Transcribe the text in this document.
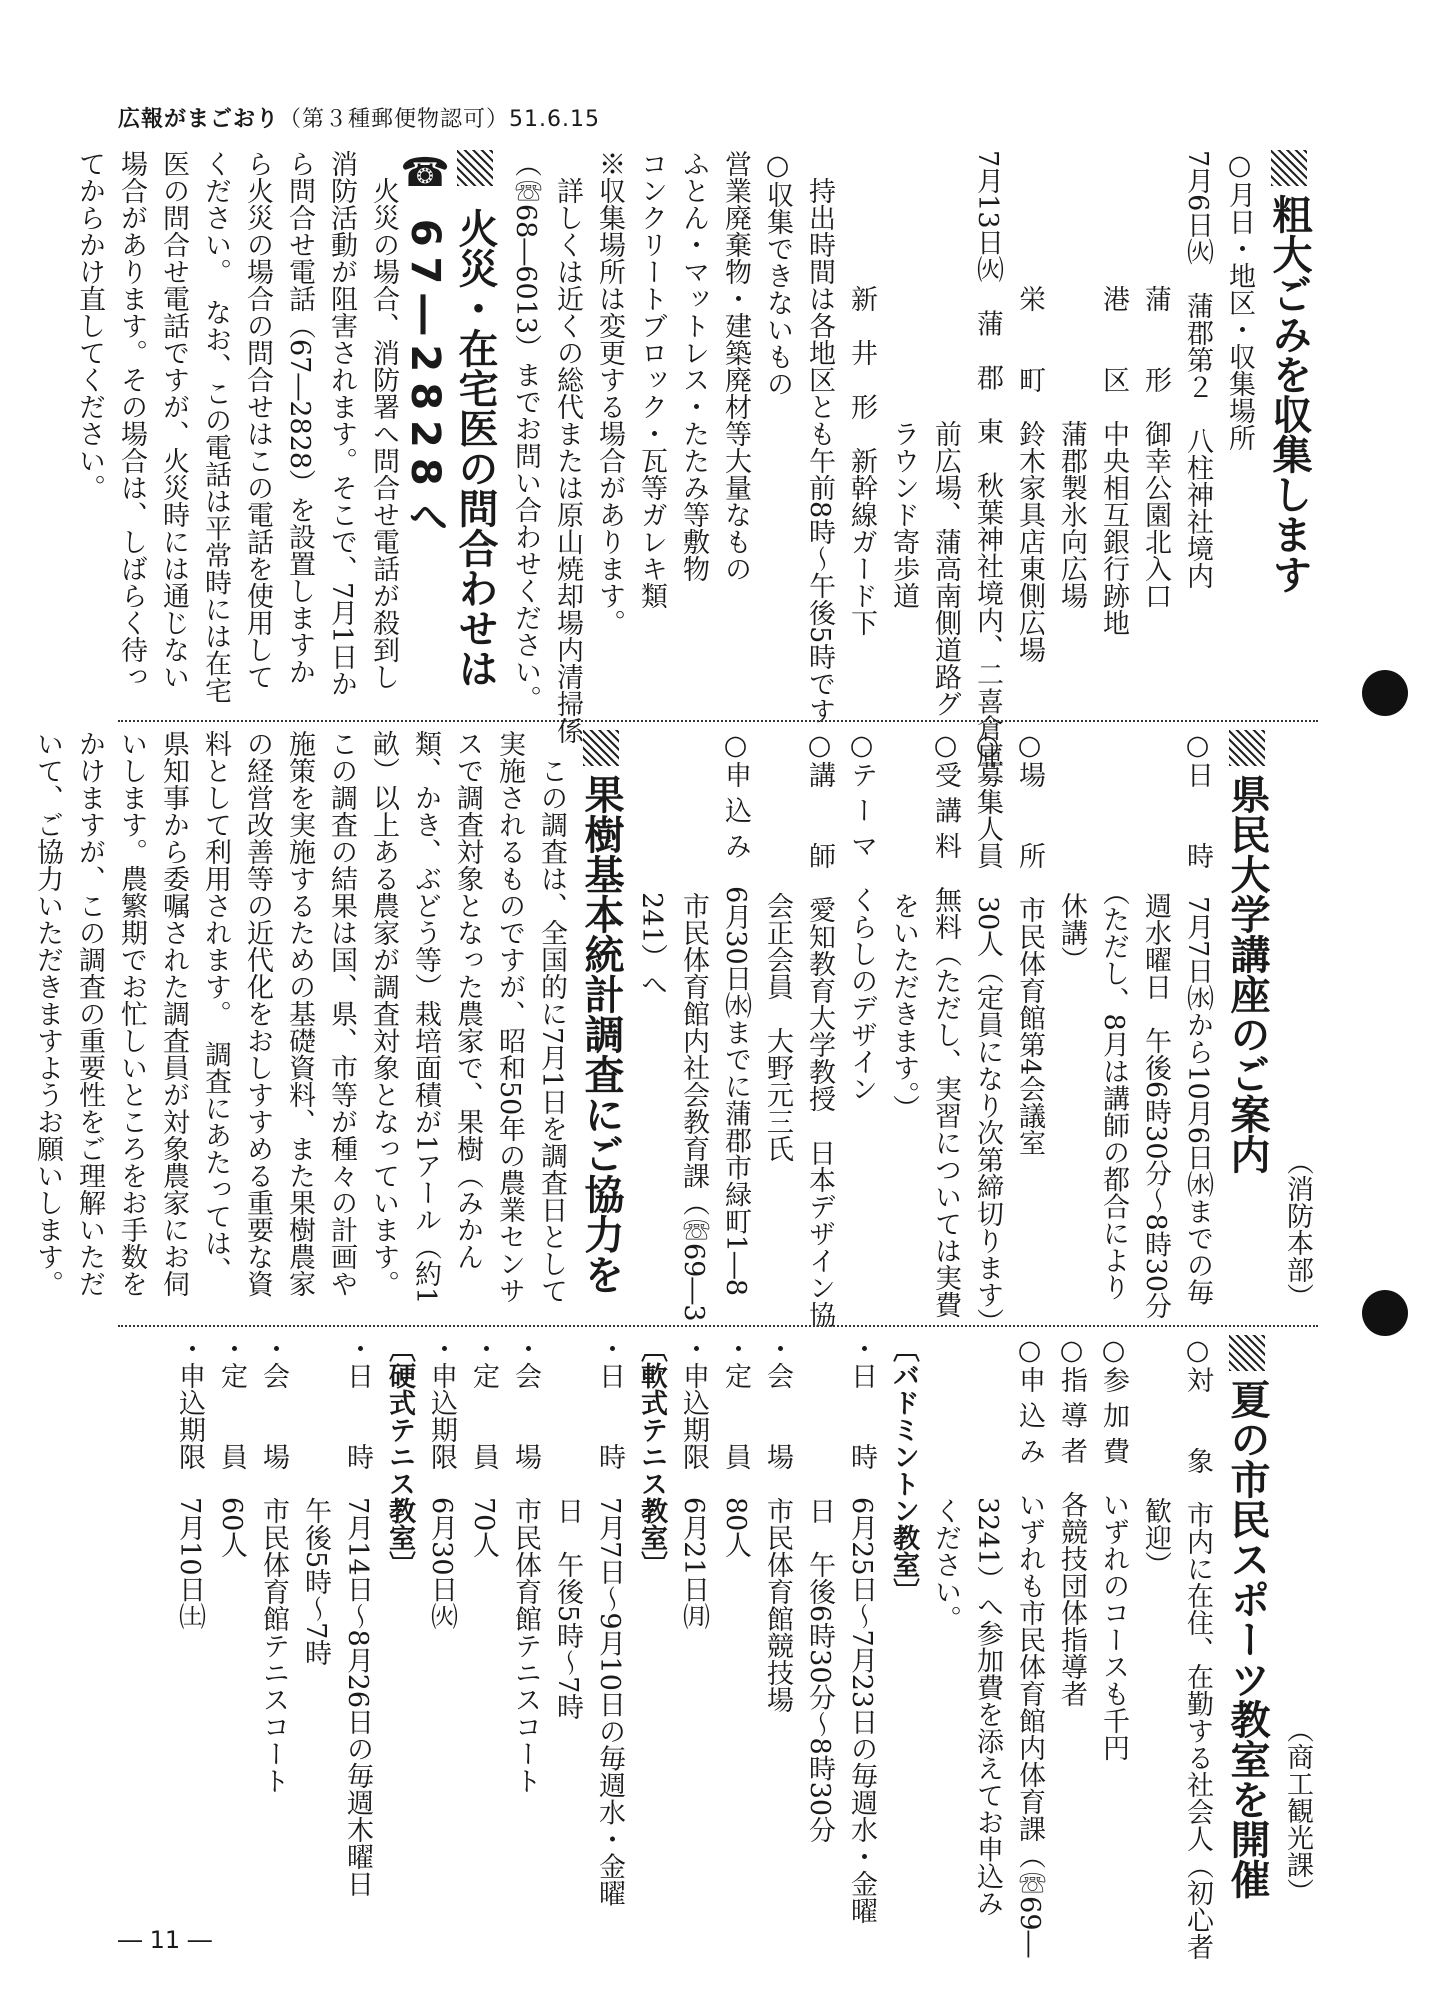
広報がまごおり（第３種郵便物認可）51.6.15
粗大ごみを収集します
○月日・地区・収集場所
7月6日㈫　蒲郡第２　八柱神社境内
　　　　　蒲　　形　御幸公園北入口
　　　　　港　　区　中央相互銀行跡地
　　　　　　　　　　蒲郡製氷向広場
　　　　　栄　　町　鈴木家具店東側広場
7月13日㈫　蒲　郡　東　秋葉神社境内、二喜倉庫
　　　　　　　　　　前広場、蒲高南側道路グ
　　　　　　　　　　ラウンド寄歩道
　　　　　新　井　形　新幹線ガード下
　持出時間は各地区とも午前8時～午後5時です
○収集できないもの
営業廃棄物・建築廃材等大量なもの
ふとん・マットレス・たたみ等敷物
コンクリートブロック・瓦等ガレキ類
※収集場所は変更する場合があります。
　詳しくは近くの総代または原山焼却場内清掃係
（☏68―6013）までお問い合わせください。
火災・在宅医の問合わせは
☎ 67―2828へ
　火災の場合、消防署へ問合せ電話が殺到し消防活動が阻害されます。そこで、7月1日から問合せ電話（67―2828）を設置しますから火災の場合の問合せはこの電話を使用してください。　なお、この電話は平常時には在宅医の問合せ電話ですが、火災時には通じない場合があります。その場合は、しばらく待ってからかけ直してください。
（消防本部）
県民大学講座のご案内
○日　　時　7月7日㈬から10月6日㈬までの毎
　　　　　　週水曜日　午後6時30分～8時30分
　　　　　　（ただし、8月は講師の都合により
　　　　　　休講）
○場　　所　市民体育館第4会議室
○募集人員　30人（定員になり次第締切ります）
○受 講 料　無料（ただし、実習については実費
　　　　　　をいただきます。）
○テ ー マ　くらしのデザイン
○講　　師　愛知教育大学教授　日本デザイン協
　　　　　　会正会員　大野元三氏
○申 込 み　6月30日㈬までに蒲郡市緑町1―8
　　　　　　市民体育館内社会教育課（☏69―3
　　　　　　241）へ
果樹基本統計調査にご協力を
　この調査は、全国的に7月1日を調査日として実施されるものですが、昭和50年の農業センサスで調査対象となった農家で、果樹（みかん類、かき、ぶどう等）栽培面積が1アール（約1畝）以上ある農家が調査対象となっています。　この調査の結果は国、県、市等が種々の計画や施策を実施するための基礎資料、また果樹農家の経営改善等の近代化をおしすすめる重要な資料として利用されます。　調査にあたっては、県知事から委嘱された調査員が対象農家にお伺いします。農繁期でお忙しいところをお手数をかけますが、この調査の重要性をご理解いただいて、ご協力いただきますようお願いします。
（商工観光課）
夏の市民スポーツ教室を開催
○対　　象　市内に在住、在勤する社会人（初心者
　　　　　　歓迎）
○参 加 費　いずれのコースも千円
○指 導 者　各競技団体指導者
○申 込 み　いずれも市民体育館内体育課（☏69―
　　　　　　3241）へ参加費を添えてお申込み
　　　　　　ください。
〔バドミントン教室〕
・日　　時　6月25日～7月23日の毎週水・金曜
　　　　　　日　午後6時30分～8時30分
・会　　場　市民体育館競技場
・定　　員　80人
・申込期限　6月21日㈪
〔軟式テニス教室〕
・日　　時　7月7日～9月10日の毎週水・金曜
　　　　　　日　午後5時～7時
・会　　場　市民体育館テニスコート
・定　　員　70人
・申込期限　6月30日㈫
〔硬式テニス教室〕
・日　　時　7月14日～8月26日の毎週木曜日
　　　　　　午後5時～7時
・会　　場　市民体育館テニスコート
・定　　員　60人
・申込期限　7月10日㈯
― 11 ―
